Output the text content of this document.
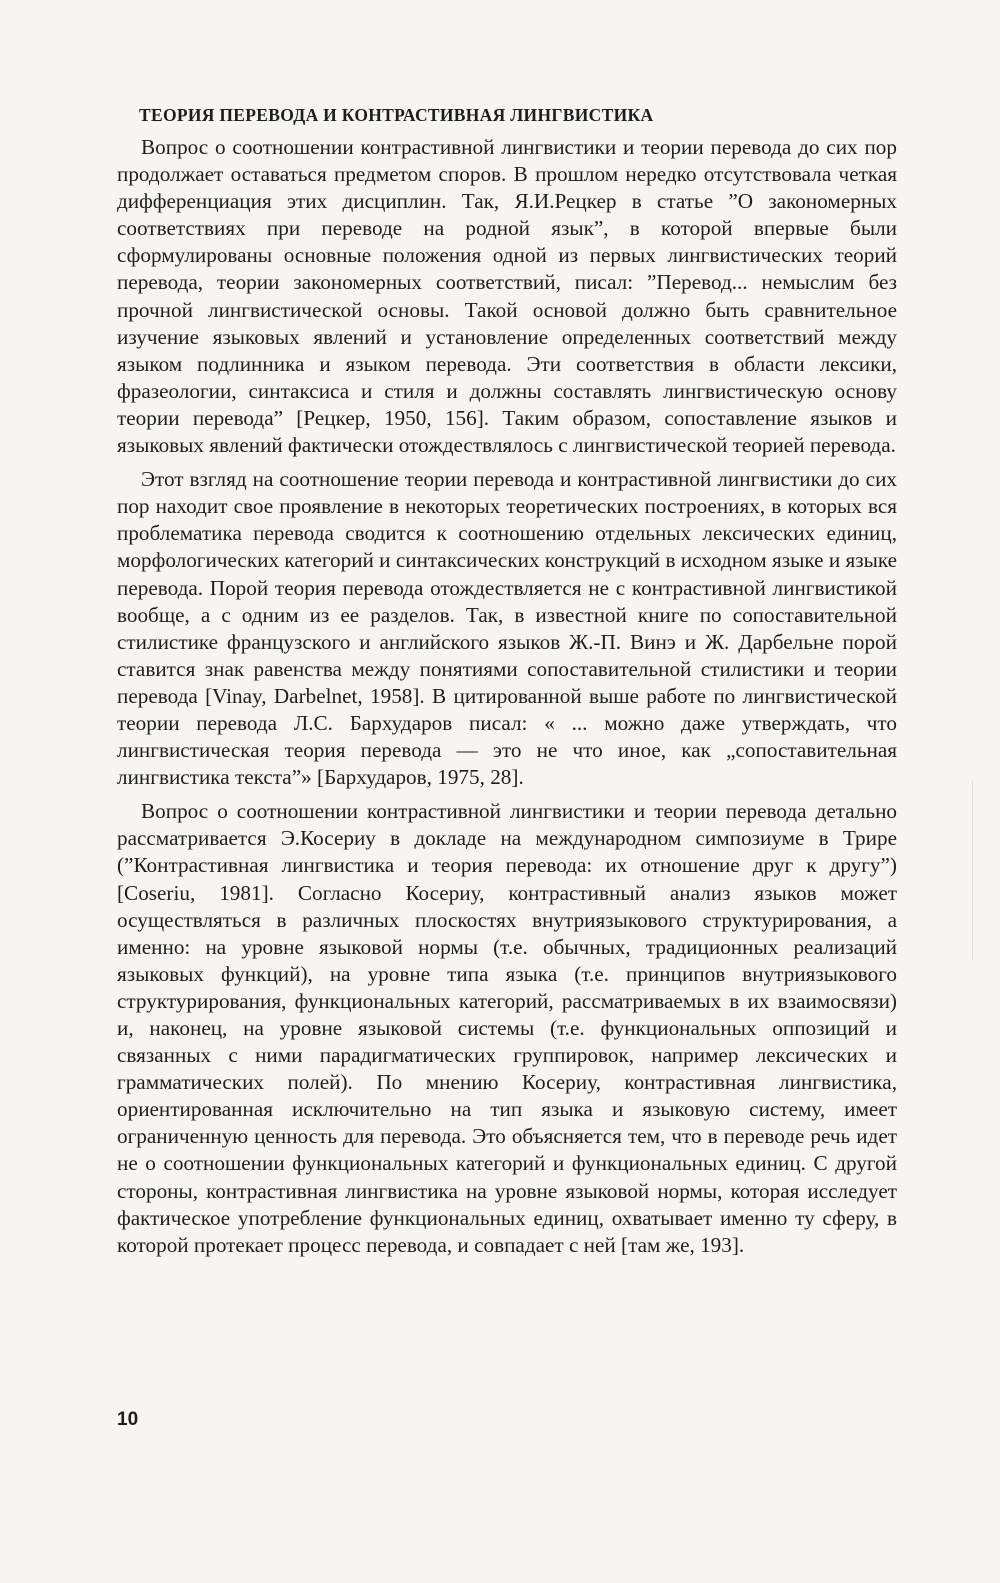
ТЕОРИЯ ПЕРЕВОДА И КОНТРАСТИВНАЯ ЛИНГВИСТИКА

Вопрос о соотношении контрастивной лингвистики и теории перевода до сих пор продолжает оставаться предметом споров. В прошлом нередко отсутствовала четкая дифференциация этих дисциплин. Так, Я.И.Рецкер в статье ”О закономерных соответствиях при переводе на родной язык”, в которой впервые были сформулированы основные положения одной из первых лингвистических теорий перевода, теории закономерных соответствий, писал: ”Перевод... немыслим без прочной лингвистической основы. Такой основой должно быть сравнительное изучение языковых явлений и установление определенных соответствий между языком подлинника и языком перевода. Эти соответствия в области лексики, фразеологии, синтаксиса и стиля и должны составлять лингвистическую основу теории перевода” [Рецкер, 1950, 156]. Таким образом, сопоставление языков и языковых явлений фактически отождествлялось с лингвистической теорией перевода.

Этот взгляд на соотношение теории перевода и контрастивной лингвистики до сих пор находит свое проявление в некоторых теоретических построениях, в которых вся проблематика перевода сводится к соотношению отдельных лексических единиц, морфологических категорий и синтаксических конструкций в исходном языке и языке перевода. Порой теория перевода отождествляется не с контрастивной лингвистикой вообще, а с одним из ее разделов. Так, в известной книге по сопоставительной стилистике французского и английского языков Ж.-П. Винэ и Ж. Дарбельне порой ставится знак равенства между понятиями сопоставительной стилистики и теории перевода [Vinay, Darbelnet, 1958]. В цитированной выше работе по лингвистической теории перевода Л.С. Бархударов писал: « ... можно даже утверждать, что лингвистическая теория перевода — это не что иное, как „сопоставительная лингвистика текста”» [Бархударов, 1975, 28].

Вопрос о соотношении контрастивной лингвистики и теории перевода детально рассматривается Э.Косериу в докладе на международном симпозиуме в Трире (”Контрастивная лингвистика и теория перевода: их отношение друг к другу”) [Coseriu, 1981]. Согласно Косериу, контрастивный анализ языков может осуществляться в различных плоскостях внутриязыкового структурирования, а именно: на уровне языковой нормы (т.е. обычных, традиционных реализаций языковых функций), на уровне типа языка (т.е. принципов внутриязыкового структурирования, функциональных категорий, рассматриваемых в их взаимосвязи) и, наконец, на уровне языковой системы (т.е. функциональных оппозиций и связанных с ними парадигматических группировок, например лексических и грамматических полей). По мнению Косериу, контрастивная лингвистика, ориентированная исключительно на тип языка и языковую систему, имеет ограниченную ценность для перевода. Это объясняется тем, что в переводе речь идет не о соотношении функциональных категорий и функциональных единиц. С другой стороны, контрастивная лингвистика на уровне языковой нормы, которая исследует фактическое употребление функциональных единиц, охватывает именно ту сферу, в которой протекает процесс перевода, и совпадает с ней [там же, 193].

10
